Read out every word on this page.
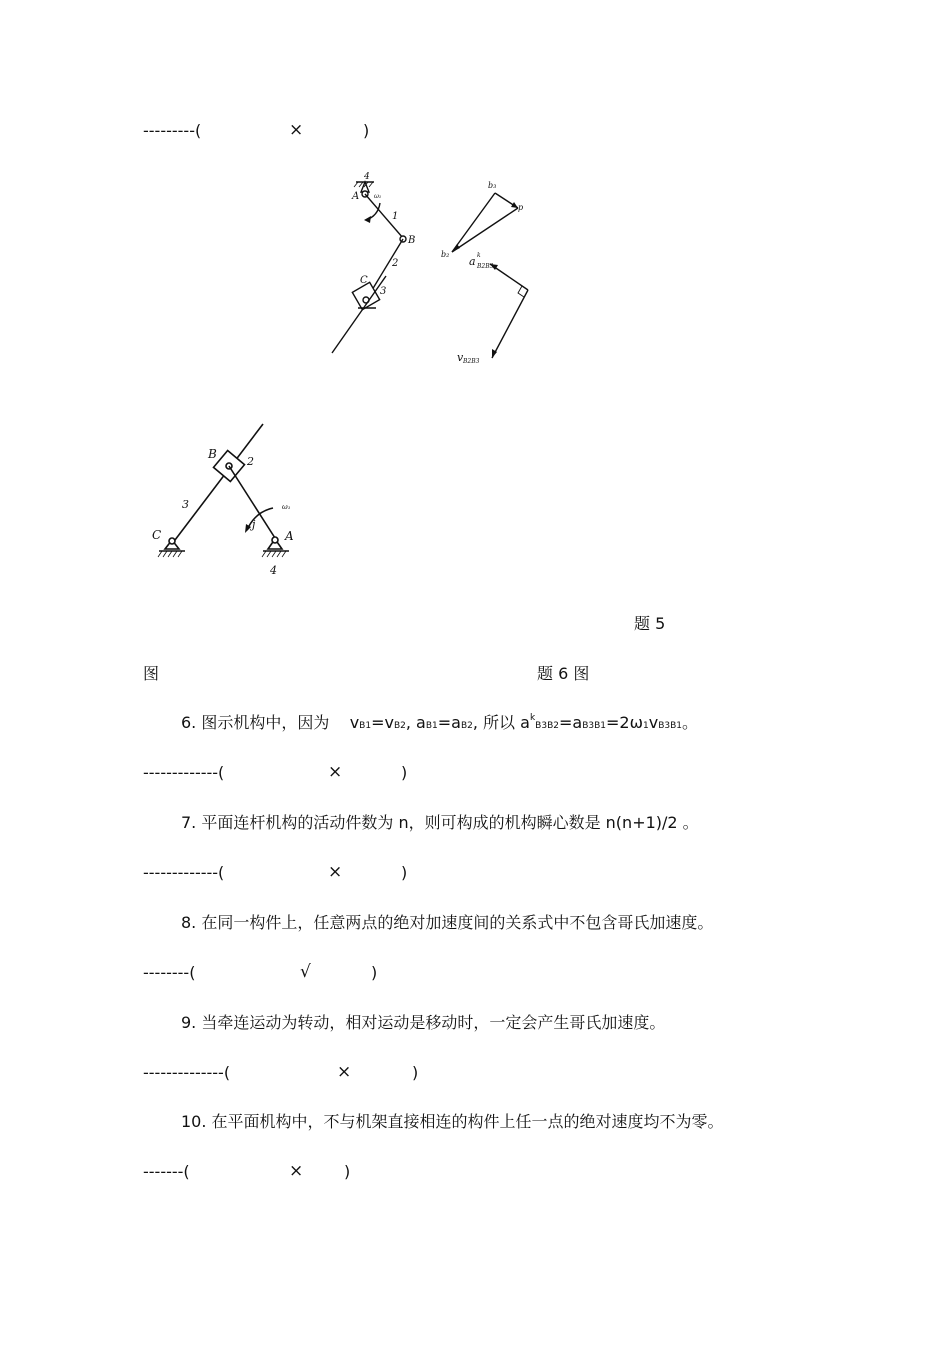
---------(	×	)
4
A ω₁
1
B
2
C
3
b₃
p
b₂
a k
B2B3
v B2B3
B
2
3	ω₁
j
C	A
4
题 5
图	题 6 图
6. 图示机构中，因为 vB1=vB2, aB1=aB2, 所以 $a^kB3B2=aB3B1=2\omega 1vB3B1$。
-------------(	×	)
7. 平面连杆机构的活动件数为 n，则可构成的机构瞬心数是 n(n+1)/2 。
-------------(	×	)
8. 在同一构件上，任意两点的绝对加速度间的关系式中不包含哥氏加速度。
--------(	√	)
9. 当牵连运动为转动，相对运动是移动时，一定会产生哥氏加速度。
--------------(	×	)
10. 在平面机构中，不与机架直接相连的构件上任一点的绝对速度均不为零。
-------(	×	)
